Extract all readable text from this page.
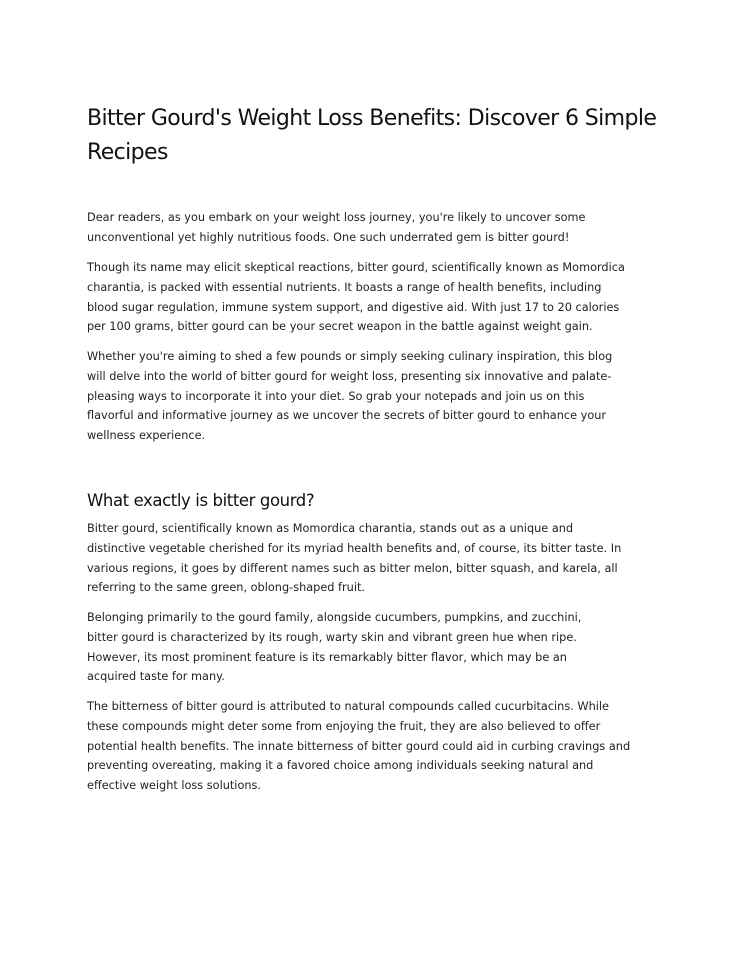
Bitter Gourd's Weight Loss Benefits: Discover 6 Simple Recipes

Dear readers, as you embark on your weight loss journey, you're likely to uncover some
unconventional yet highly nutritious foods. One such underrated gem is bitter gourd!

Though its name may elicit skeptical reactions, bitter gourd, scientifically known as Momordica
charantia, is packed with essential nutrients. It boasts a range of health benefits, including
blood sugar regulation, immune system support, and digestive aid. With just 17 to 20 calories
per 100 grams, bitter gourd can be your secret weapon in the battle against weight gain.

Whether you're aiming to shed a few pounds or simply seeking culinary inspiration, this blog
will delve into the world of bitter gourd for weight loss, presenting six innovative and palate-
pleasing ways to incorporate it into your diet. So grab your notepads and join us on this
flavorful and informative journey as we uncover the secrets of bitter gourd to enhance your
wellness experience.

What exactly is bitter gourd?

Bitter gourd, scientifically known as Momordica charantia, stands out as a unique and
distinctive vegetable cherished for its myriad health benefits and, of course, its bitter taste. In
various regions, it goes by different names such as bitter melon, bitter squash, and karela, all
referring to the same green, oblong-shaped fruit.

Belonging primarily to the gourd family, alongside cucumbers, pumpkins, and zucchini,
bitter gourd is characterized by its rough, warty skin and vibrant green hue when ripe.
However, its most prominent feature is its remarkably bitter flavor, which may be an
acquired taste for many.

The bitterness of bitter gourd is attributed to natural compounds called cucurbitacins. While
these compounds might deter some from enjoying the fruit, they are also believed to offer
potential health benefits. The innate bitterness of bitter gourd could aid in curbing cravings and
preventing overeating, making it a favored choice among individuals seeking natural and
effective weight loss solutions.
